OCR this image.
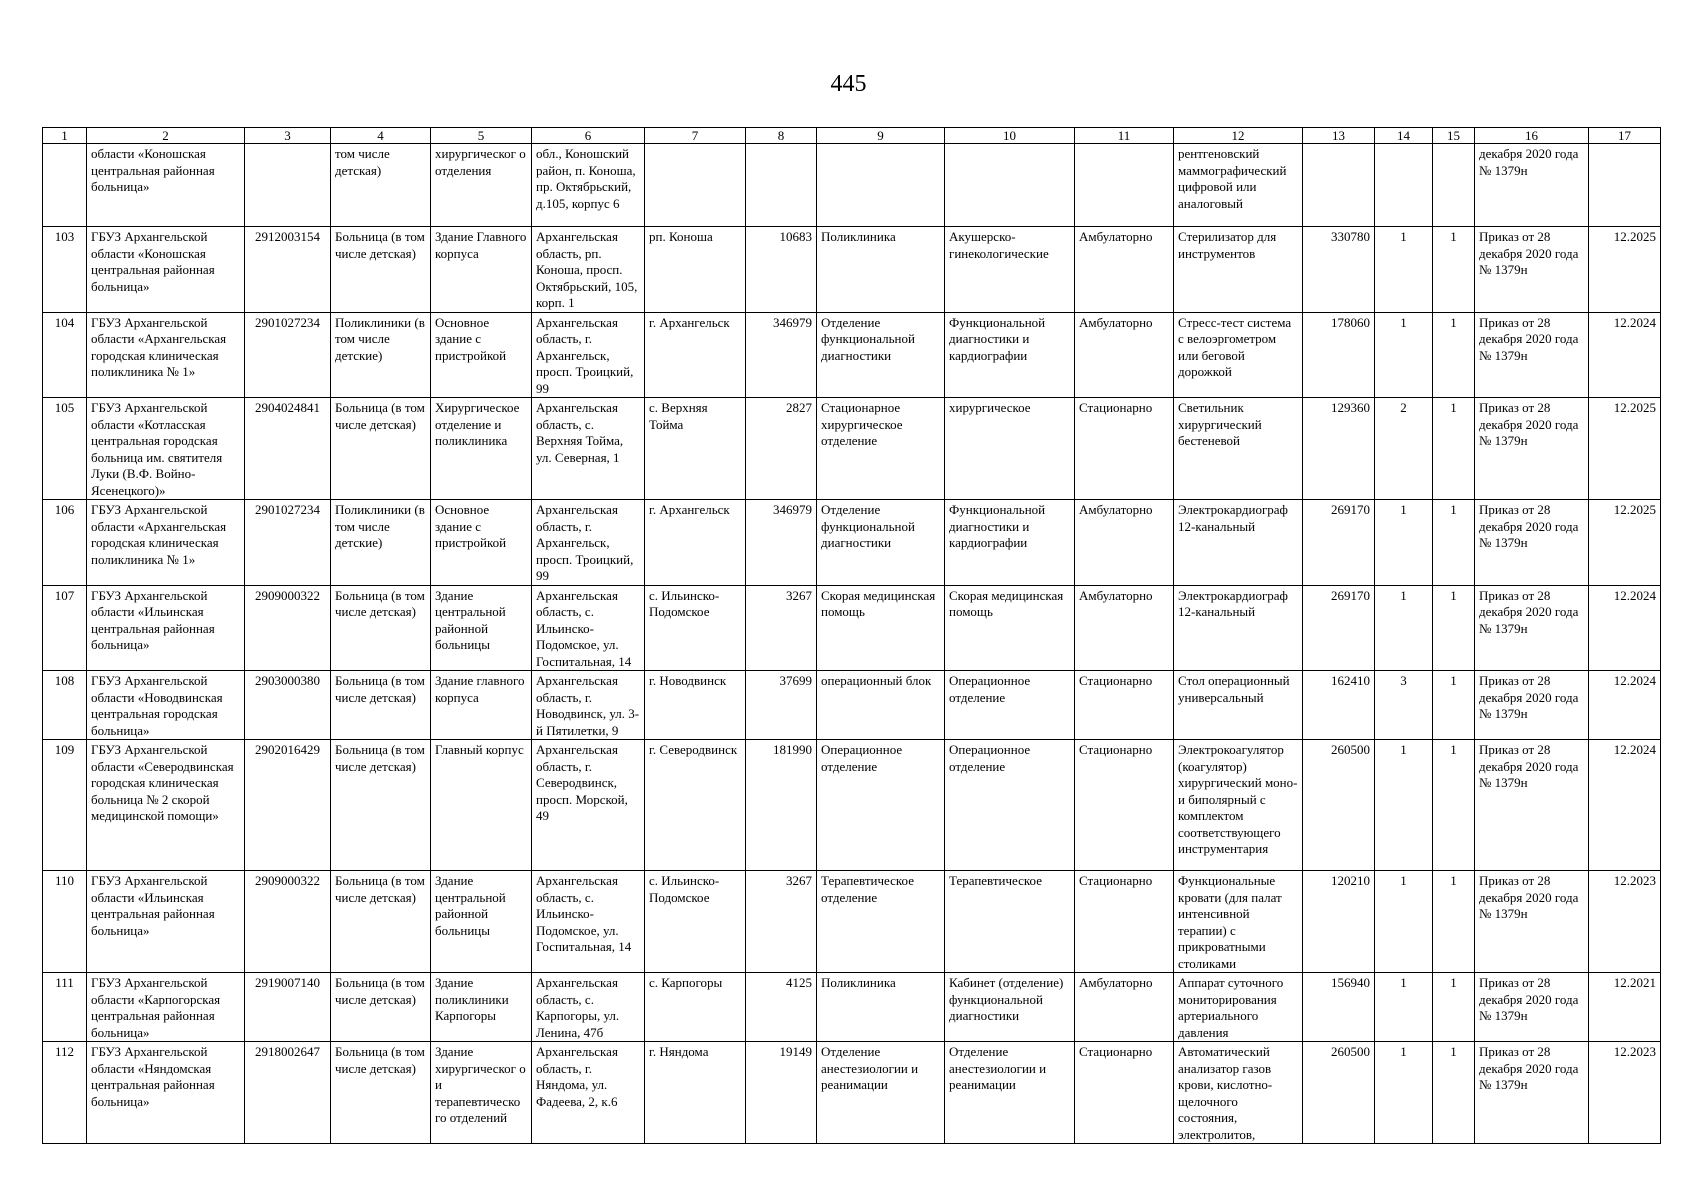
445
1	2	3	4	5	6	7	8	9	10	11	12	13	14	15	16	17
	области «Коношская центральная районная больница»		том числе детская)	хирургическог о отделения	обл., Коношский район, п. Коноша, пр. Октябрьский, д.105, корпус 6						рентгеновский маммографический цифровой или аналоговый				декабря 2020 года № 1379н	
103	ГБУЗ Архангельской области «Коношская центральная районная больница»	2912003154	Больница (в том числе детская)	Здание Главного корпуса	Архангельская область, рп. Коноша, просп. Октябрьский, 105, корп. 1	рп. Коноша	10683	Поликлиника	Акушерско-гинекологические	Амбулаторно	Стерилизатор для инструментов	330780	1	1	Приказ от 28 декабря 2020 года № 1379н	12.2025
104	ГБУЗ Архангельской области «Архангельская городская клиническая поликлиника № 1»	2901027234	Поликлиники (в том числе детские)	Основное здание с пристройкой	Архангельская область, г. Архангельск, просп. Троицкий, 99	г. Архангельск	346979	Отделение функциональной диагностики	Функциональной диагностики и кардиографии	Амбулаторно	Стресс-тест система с велоэргометром или беговой дорожкой	178060	1	1	Приказ от 28 декабря 2020 года № 1379н	12.2024
105	ГБУЗ Архангельской области «Котласская центральная городская больница им. святителя Луки (В.Ф. Войно-Ясенецкого)»	2904024841	Больница (в том числе детская)	Хирургическое отделение и поликлиника	Архангельская область, с. Верхняя Тойма, ул. Северная, 1	с. Верхняя Тойма	2827	Стационарное хирургическое отделение	хирургическое	Стационарно	Светильник хирургический бестеневой	129360	2	1	Приказ от 28 декабря 2020 года № 1379н	12.2025
106	ГБУЗ Архангельской области «Архангельская городская клиническая поликлиника № 1»	2901027234	Поликлиники (в том числе детские)	Основное здание с пристройкой	Архангельская область, г. Архангельск, просп. Троицкий, 99	г. Архангельск	346979	Отделение функциональной диагностики	Функциональной диагностики и кардиографии	Амбулаторно	Электрокардиограф 12-канальный	269170	1	1	Приказ от 28 декабря 2020 года № 1379н	12.2025
107	ГБУЗ Архангельской области «Ильинская центральная районная больница»	2909000322	Больница (в том числе детская)	Здание центральной районной больницы	Архангельская область, с. Ильинско-Подомское, ул. Госпитальная, 14	с. Ильинско-Подомское	3267	Скорая медицинская помощь	Скорая медицинская помощь	Амбулаторно	Электрокардиограф 12-канальный	269170	1	1	Приказ от 28 декабря 2020 года № 1379н	12.2024
108	ГБУЗ Архангельской области «Новодвинская центральная городская больница»	2903000380	Больница (в том числе детская)	Здание главного корпуса	Архангельская область, г. Новодвинск, ул. 3-й Пятилетки, 9	г. Новодвинск	37699	операционный блок	Операционное отделение	Стационарно	Стол операционный универсальный	162410	3	1	Приказ от 28 декабря 2020 года № 1379н	12.2024
109	ГБУЗ Архангельской области «Северодвинская городская клиническая больница № 2 скорой медицинской помощи»	2902016429	Больница (в том числе детская)	Главный корпус	Архангельская область, г. Северодвинск, просп. Морской, 49	г. Северодвинск	181990	Операционное отделение	Операционное отделение	Стационарно	Электрокоагулятор (коагулятор) хирургический моно- и биполярный с комплектом соответствующего инструментария	260500	1	1	Приказ от 28 декабря 2020 года № 1379н	12.2024
110	ГБУЗ Архангельской области «Ильинская центральная районная больница»	2909000322	Больница (в том числе детская)	Здание центральной районной больницы	Архангельская область, с. Ильинско-Подомское, ул. Госпитальная, 14	с. Ильинско-Подомское	3267	Терапевтическое отделение	Терапевтическое	Стационарно	Функциональные кровати (для палат интенсивной терапии) с прикроватными столиками	120210	1	1	Приказ от 28 декабря 2020 года № 1379н	12.2023
111	ГБУЗ Архангельской области «Карпогорская центральная районная больница»	2919007140	Больница (в том числе детская)	Здание поликлиники Карпогоры	Архангельская область, с. Карпогоры, ул. Ленина, 47б	с. Карпогоры	4125	Поликлиника	Кабинет (отделение) функциональной диагностики	Амбулаторно	Аппарат суточного мониторирования артериального давления	156940	1	1	Приказ от 28 декабря 2020 года № 1379н	12.2021
112	ГБУЗ Архангельской области «Няндомская центральная районная больница»	2918002647	Больница (в том числе детская)	Здание хирургическог о и терапевтическо го отделений	Архангельская область, г. Няндома, ул. Фадеева, 2, к.6	г. Няндома	19149	Отделение анестезиологии и реанимации	Отделение анестезиологии и реанимации	Стационарно	Автоматический анализатор газов крови, кислотно-щелочного состояния, электролитов,	260500	1	1	Приказ от 28 декабря 2020 года № 1379н	12.2023
